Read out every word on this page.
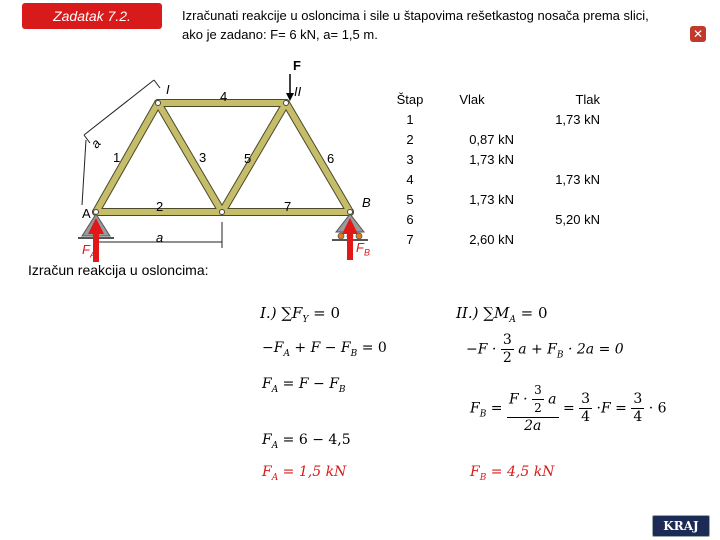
Zadatak 7.2.	Izračunati reakcije u osloncima i sile u štapovima rešetkastog nosača prema slici,
ako je zadano: F= 6 kN, a= 1,5 m.	✕
F
I	II
1
2
3
4
5	6
7
a
a
A
B
$F_A$	$F_B$
Izračun reakcija u osloncima:
Štap	Vlak	Tlak
1		1,73 kN
2	0,87 kN	
3	1,73 kN	
4		1,73 kN
5	1,73 kN	
6		5,20 kN
7	2,60 kN	
I.) $\sum F_Y = 0$
$-F_A + F - F_B = 0$
$F_A = F - F_B$
$F_A = 6 - 4,5$
$F_A = 1,5$ kN
II.) $\sum M_A = 0$
$-F \cdot \frac{3}{2}$ $a + F_B \cdot 2a = 0$
$F_B = \frac{F \cdot \frac{3}{2} a}{2a} = \frac{3}{4} \cdot F = \frac{3}{4} \cdot 6$
$F_B = 4,5$ kN
KRAJ
